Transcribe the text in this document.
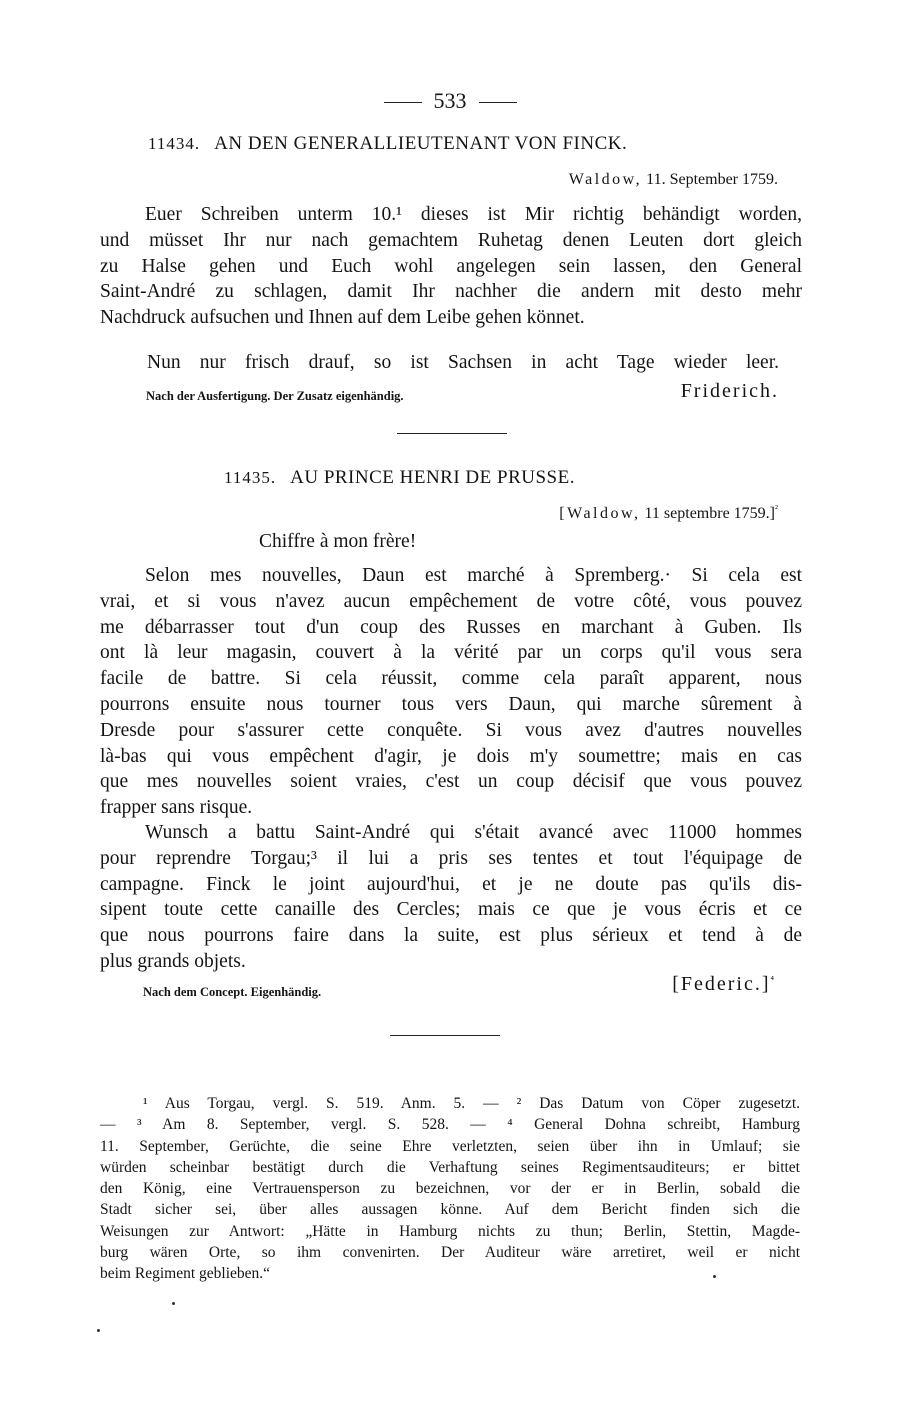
533
11434. AN DEN GENERALLIEUTENANT VON FINCK.
Waldow, 11. September 1759.
Euer Schreiben unterm 10.¹ dieses ist Mir richtig behändigt worden,
und müsset Ihr nur nach gemachtem Ruhetag denen Leuten dort gleich
zu Halse gehen und Euch wohl angelegen sein lassen, den General
Saint-André zu schlagen, damit Ihr nachher die andern mit desto mehr
Nachdruck aufsuchen und Ihnen auf dem Leibe gehen könnet.
Nun nur frisch drauf, so ist Sachsen in acht Tage wieder leer.
Nach der Ausfertigung. Der Zusatz eigenhändig.	Friderich.
11435. AU PRINCE HENRI DE PRUSSE.
[Waldow, 11 septembre 1759.]$^{^2}$
Chiffre à mon frère!
Selon mes nouvelles, Daun est marché à Spremberg.· Si cela est
vrai, et si vous n'avez aucun empêchement de votre côté, vous pouvez
me débarrasser tout d'un coup des Russes en marchant à Guben. Ils
ont là leur magasin, couvert à la vérité par un corps qu'il vous sera
facile de battre. Si cela réussit, comme cela paraît apparent, nous
pourrons ensuite nous tourner tous vers Daun, qui marche sûrement à
Dresde pour s'assurer cette conquête. Si vous avez d'autres nouvelles
là-bas qui vous empêchent d'agir, je dois m'y soumettre; mais en cas
que mes nouvelles soient vraies, c'est un coup décisif que vous pouvez
frapper sans risque.
Wunsch a battu Saint-André qui s'était avancé avec 11000 hommes
pour reprendre Torgau;³ il lui a pris ses tentes et tout l'équipage de
campagne. Finck le joint aujourd'hui, et je ne doute pas qu'ils dis-
sipent toute cette canaille des Cercles; mais ce que je vous écris et ce
que nous pourrons faire dans la suite, est plus sérieux et tend à de
plus grands objets.
Nach dem Concept. Eigenhändig.	[Federic.]$^{^4}$
¹ Aus Torgau, vergl. S. 519. Anm. 5. — ² Das Datum von Cöper zugesetzt.
— ³ Am 8. September, vergl. S. 528. — ⁴ General Dohna schreibt, Hamburg
11. September, Gerüchte, die seine Ehre verletzten, seien über ihn in Umlauf; sie
würden scheinbar bestätigt durch die Verhaftung seines Regimentsauditeurs; er bittet
den König, eine Vertrauensperson zu bezeichnen, vor der er in Berlin, sobald die
Stadt sicher sei, über alles aussagen könne. Auf dem Bericht finden sich die
Weisungen zur Antwort: „Hätte in Hamburg nichts zu thun; Berlin, Stettin, Magde-
burg wären Orte, so ihm convenirten. Der Auditeur wäre arretiret, weil er nicht
beim Regiment geblieben.“
